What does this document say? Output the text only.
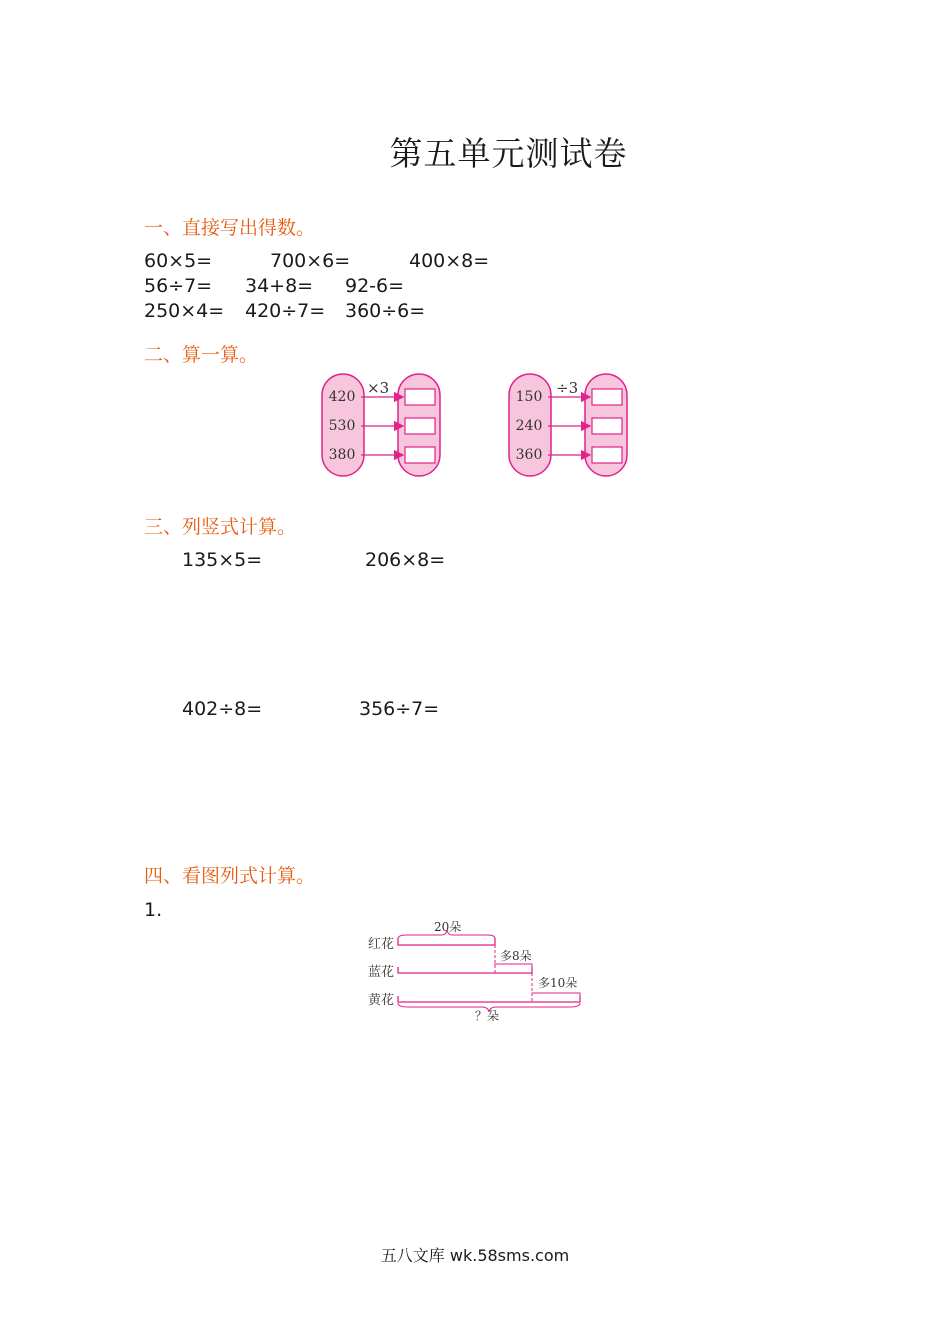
第五单元测试卷
一、直接写出得数。
60×5=	700×6=	400×8=
56÷7= 34+8= 92-6=
250×4= 420÷7= 360÷6=
二、算一算。
×3
420
530
380
÷3
150
240
360
三、列竖式计算。
135×5=	206×8=
402÷8=	356÷7=
四、看图列式计算。
1.
红花
蓝花
黄花
20朵
多8朵
多10朵
？朵
五八文库 wk.58sms.com
